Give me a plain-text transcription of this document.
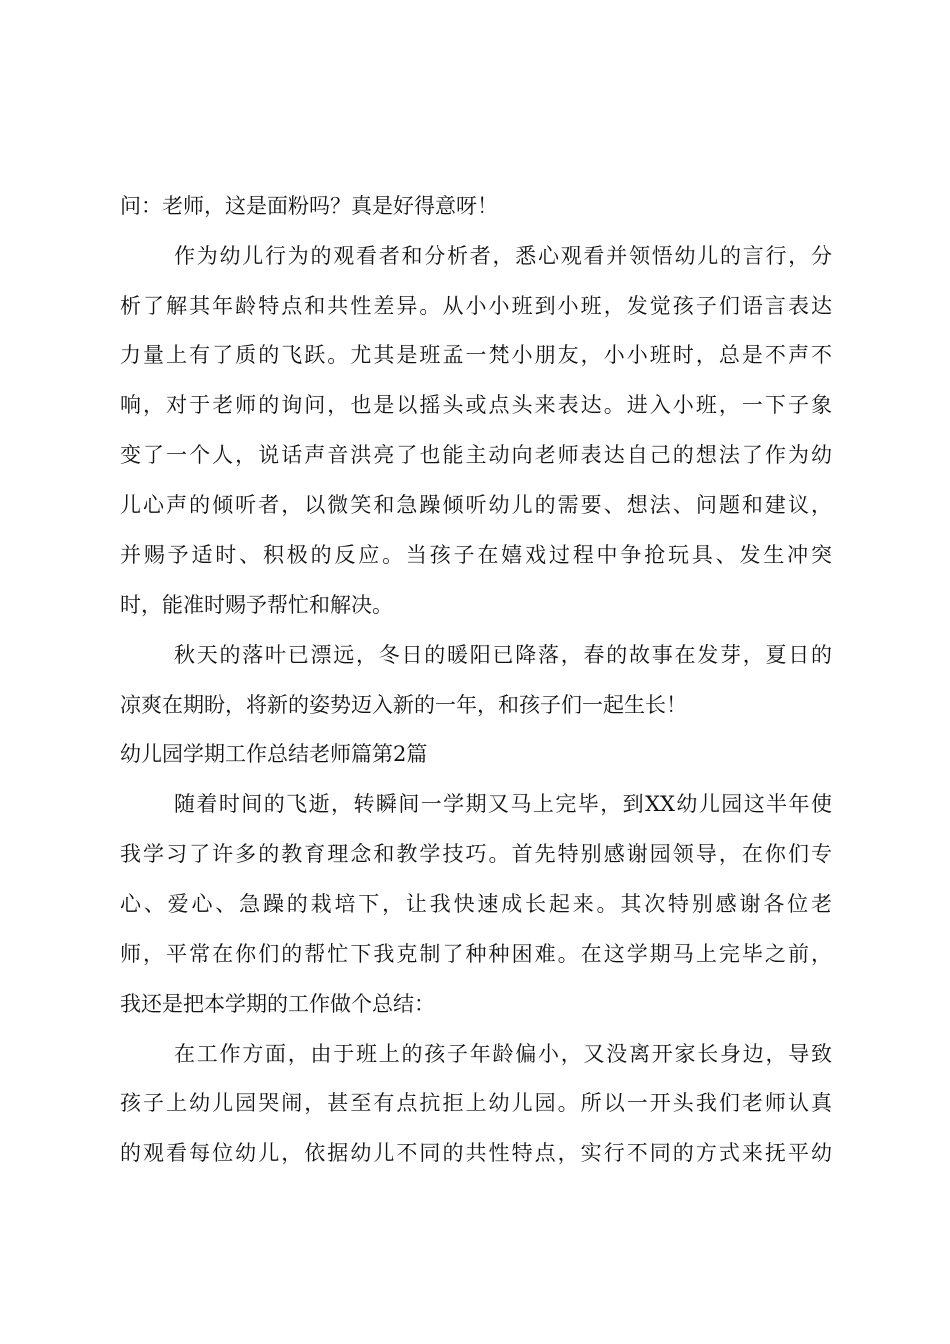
问：老师，这是面粉吗？真是好得意呀！

作为幼儿行为的观看者和分析者，悉心观看并领悟幼儿的言行，分

析了解其年龄特点和共性差异。从小小班到小班，发觉孩子们语言表达

力量上有了质的飞跃。尤其是班孟一梵小朋友，小小班时，总是不声不

响，对于老师的询问，也是以摇头或点头来表达。进入小班，一下子象

变了一个人，说话声音洪亮了也能主动向老师表达自己的想法了作为幼

儿心声的倾听者，以微笑和急躁倾听幼儿的需要、想法、问题和建议，

并赐予适时、积极的反应。当孩子在嬉戏过程中争抢玩具、发生冲突

时，能准时赐予帮忙和解决。

秋天的落叶已漂远，冬日的暖阳已降落，春的故事在发芽，夏日的

凉爽在期盼，将新的姿势迈入新的一年，和孩子们一起生长！

幼儿园学期工作总结老师篇第2篇

随着时间的飞逝，转瞬间一学期又马上完毕，到XX幼儿园这半年使

我学习了许多的教育理念和教学技巧。首先特别感谢园领导，在你们专

心、爱心、急躁的栽培下，让我快速成长起来。其次特别感谢各位老

师，平常在你们的帮忙下我克制了种种困难。在这学期马上完毕之前，

我还是把本学期的工作做个总结：

在工作方面，由于班上的孩子年龄偏小，又没离开家长身边，导致

孩子上幼儿园哭闹，甚至有点抗拒上幼儿园。所以一开头我们老师认真

的观看每位幼儿，依据幼儿不同的共性特点，实行不同的方式来抚平幼
